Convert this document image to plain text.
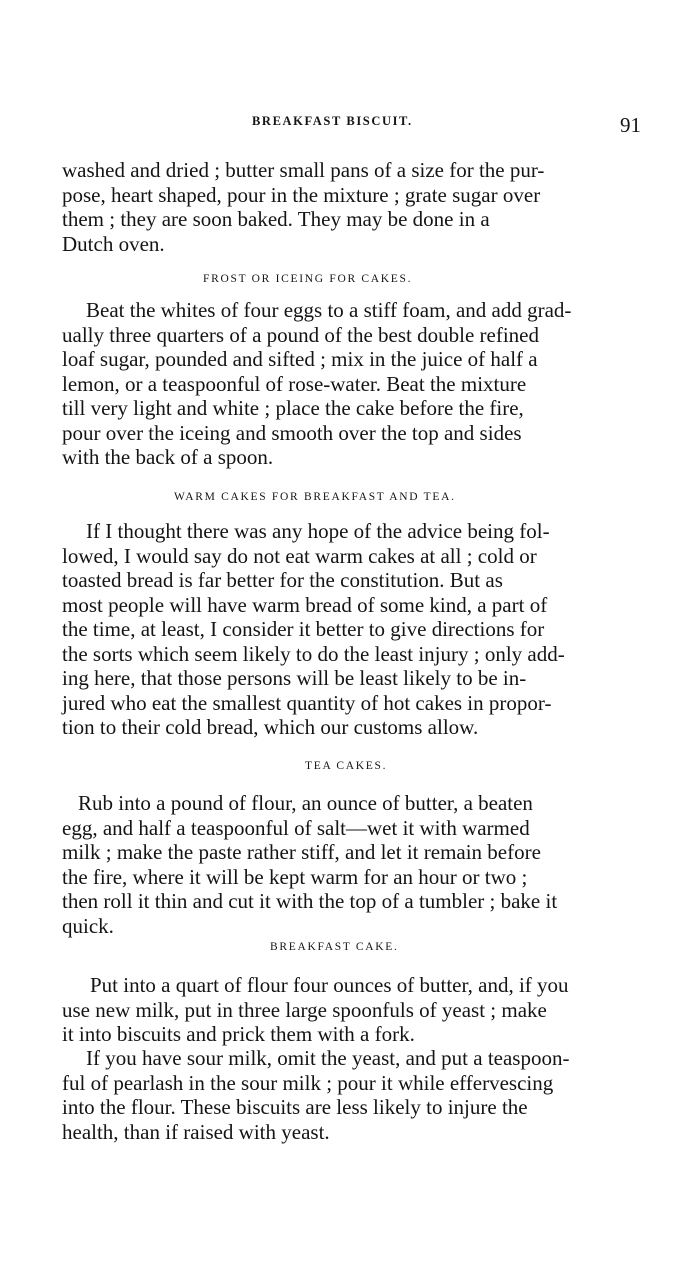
BREAKFAST BISCUIT.	91

washed and dried ; butter small pans of a size for the pur-
pose, heart shaped, pour in the mixture ; grate sugar over
them ; they are soon baked. They may be done in a
Dutch oven.

FROST OR ICEING FOR CAKES.

Beat the whites of four eggs to a stiff foam, and add grad-
ually three quarters of a pound of the best double refined
loaf sugar, pounded and sifted ; mix in the juice of half a
lemon, or a teaspoonful of rose-water. Beat the mixture
till very light and white ; place the cake before the fire,
pour over the iceing and smooth over the top and sides
with the back of a spoon.

WARM CAKES FOR BREAKFAST AND TEA.

If I thought there was any hope of the advice being fol-
lowed, I would say do not eat warm cakes at all ; cold or
toasted bread is far better for the constitution. But as
most people will have warm bread of some kind, a part of
the time, at least, I consider it better to give directions for
the sorts which seem likely to do the least injury ; only add-
ing here, that those persons will be least likely to be in-
jured who eat the smallest quantity of hot cakes in propor-
tion to their cold bread, which our customs allow.

TEA CAKES.

Rub into a pound of flour, an ounce of butter, a beaten
egg, and half a teaspoonful of salt—wet it with warmed
milk ; make the paste rather stiff, and let it remain before
the fire, where it will be kept warm for an hour or two ;
then roll it thin and cut it with the top of a tumbler ; bake it
quick.

BREAKFAST CAKE.

Put into a quart of flour four ounces of butter, and, if you
use new milk, put in three large spoonfuls of yeast ; make
it into biscuits and prick them with a fork.

If you have sour milk, omit the yeast, and put a teaspoon-
ful of pearlash in the sour milk ; pour it while effervescing
into the flour. These biscuits are less likely to injure the
health, than if raised with yeast.
